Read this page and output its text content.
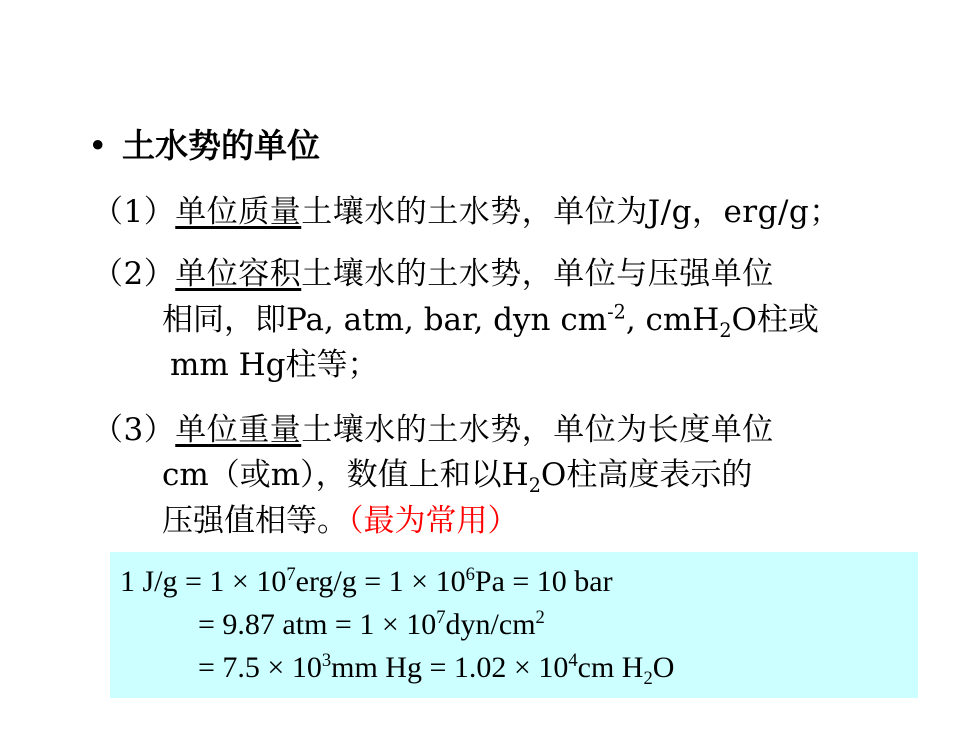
• 土水势的单位
（1）单位质量土壤水的土水势，单位为J/g，erg/g；
（2）单位容积土壤水的土水势，单位与压强单位
相同，即Pa, atm, bar, dyn $cm^{-2}$, cmH$_2$O柱或
mm Hg柱等；
（3）单位重量土壤水的土水势，单位为长度单位
cm（或m），数值上和以$H_2O$柱高度表示的
压强值相等。（最为常用）
1 $J/g = 1 \times 10^7erg/g = 1 \times 10^6Pa = 10$ bar
= 9.87 atm = $1 \times 10^7dyn/cm^2$
= $7.5 \times 10^3mm$ $Hg = 1.02 \times 10^4cm$ $H_2O$
